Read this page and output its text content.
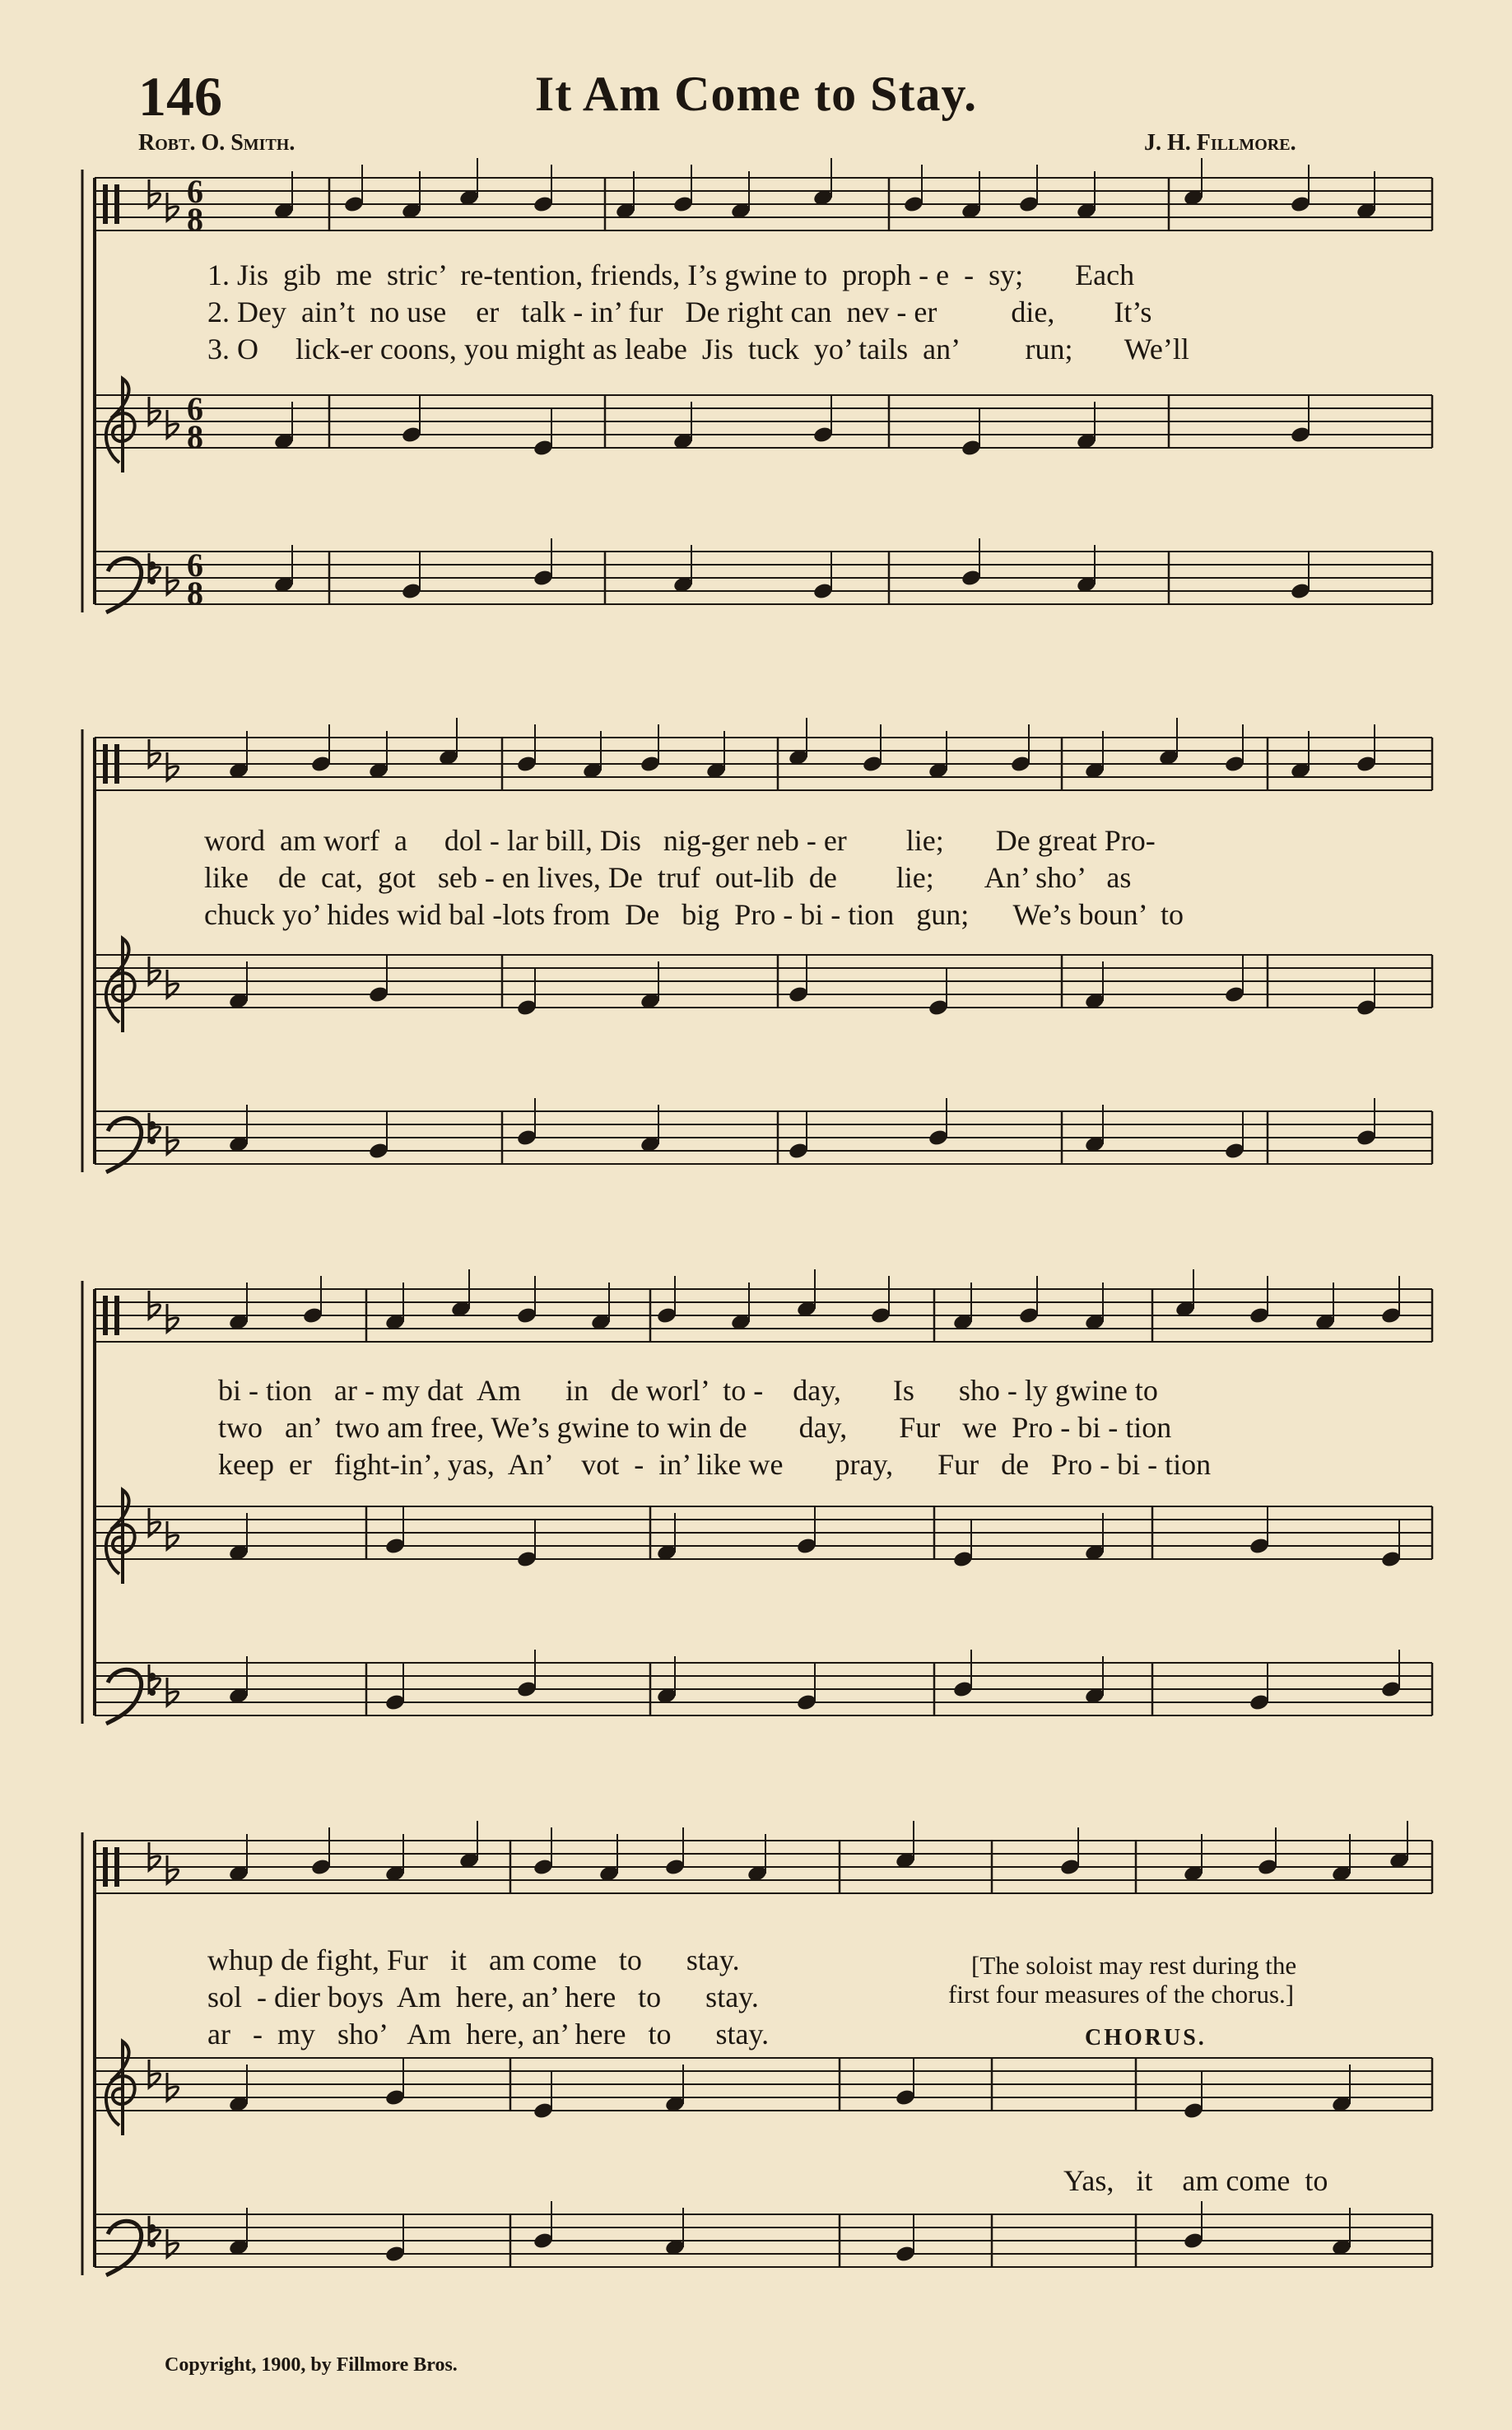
146	It Am Come to Stay.
Robt. O. Smith.	J. H. Fillmore.
6
8
6
8
6
8
1. Jis  gib  me  stric’  re-tention, friends, I’s gwine to  proph - e  -  sy;       Each
2. Dey  ain’t  no use    er   talk - in’ fur   De right can  nev - er          die,        It’s
3. O     lick-er coons, you might as leabe  Jis  tuck  yo’ tails  an’         run;       We’ll
word  am worf  a     dol - lar bill, Dis   nig-ger neb - er        lie;       De great Pro-
like    de  cat,  got   seb - en lives, De  truf  out-lib  de        lie;       An’ sho’   as
chuck yo’ hides wid bal -lots from  De   big  Pro - bi - tion   gun;      We’s boun’  to
bi - tion   ar - my dat  Am      in   de worl’  to -    day,       Is      sho - ly gwine to
two   an’  two am free, We’s gwine to win de       day,       Fur   we  Pro - bi - tion
keep  er   fight-in’, yas,  An’    vot  -  in’ like we       pray,      Fur   de   Pro - bi - tion
whup de fight, Fur   it   am come   to      stay.
sol  - dier boys  Am  here, an’ here   to      stay.
ar   -  my   sho’   Am  here, an’ here   to      stay.
[The soloist may rest during the
first four measures of the chorus.]
CHORUS.
Yas,   it    am come  to
Copyright, 1900, by Fillmore Bros.
